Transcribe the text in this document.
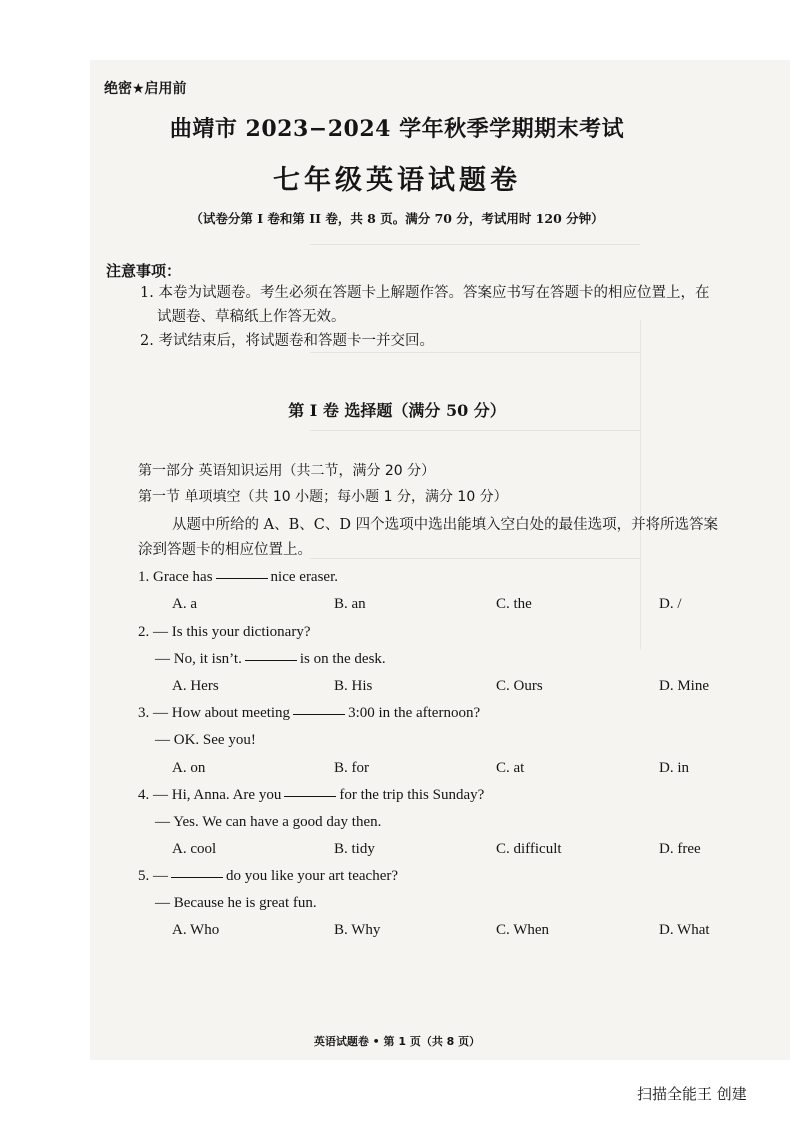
绝密★启用前
曲靖市 2023−2024 学年秋季学期期末考试
七年级英语试题卷
（试卷分第 I 卷和第 II 卷，共 8 页。满分 70 分，考试用时 120 分钟）
注意事项：
1. 本卷为试题卷。考生必须在答题卡上解题作答。答案应书写在答题卡的相应位置上，在
试题卷、草稿纸上作答无效。
2. 考试结束后，将试题卷和答题卡一并交回。
第 I 卷 选择题（满分 50 分）
第一部分 英语知识运用（共二节，满分 20 分）
第一节 单项填空（共 10 小题；每小题 1 分，满分 10 分）
从题中所给的 A、B、C、D 四个选项中选出能填入空白处的最佳选项，并将所选答案
涂到答题卡的相应位置上。
1. Grace has	nice eraser.
A. a	B. an	C. the	D. /
2. — Is this your dictionary?
— No, it isn’t.	is on the desk.
A. Hers	B. His	C. Ours	D. Mine
3. — How about meeting	3:00 in the afternoon?
— OK. See you!
A. on	B. for	C. at	D. in
4. — Hi, Anna. Are you	for the trip this Sunday?
— Yes. We can have a good day then.
A. cool	B. tidy	C. difficult	D. free
5. —	do you like your art teacher?
— Because he is great fun.
A. Who	B. Why	C. When	D. What
英语试题卷 • 第 1 页（共 8 页）
扫描全能王 创建
